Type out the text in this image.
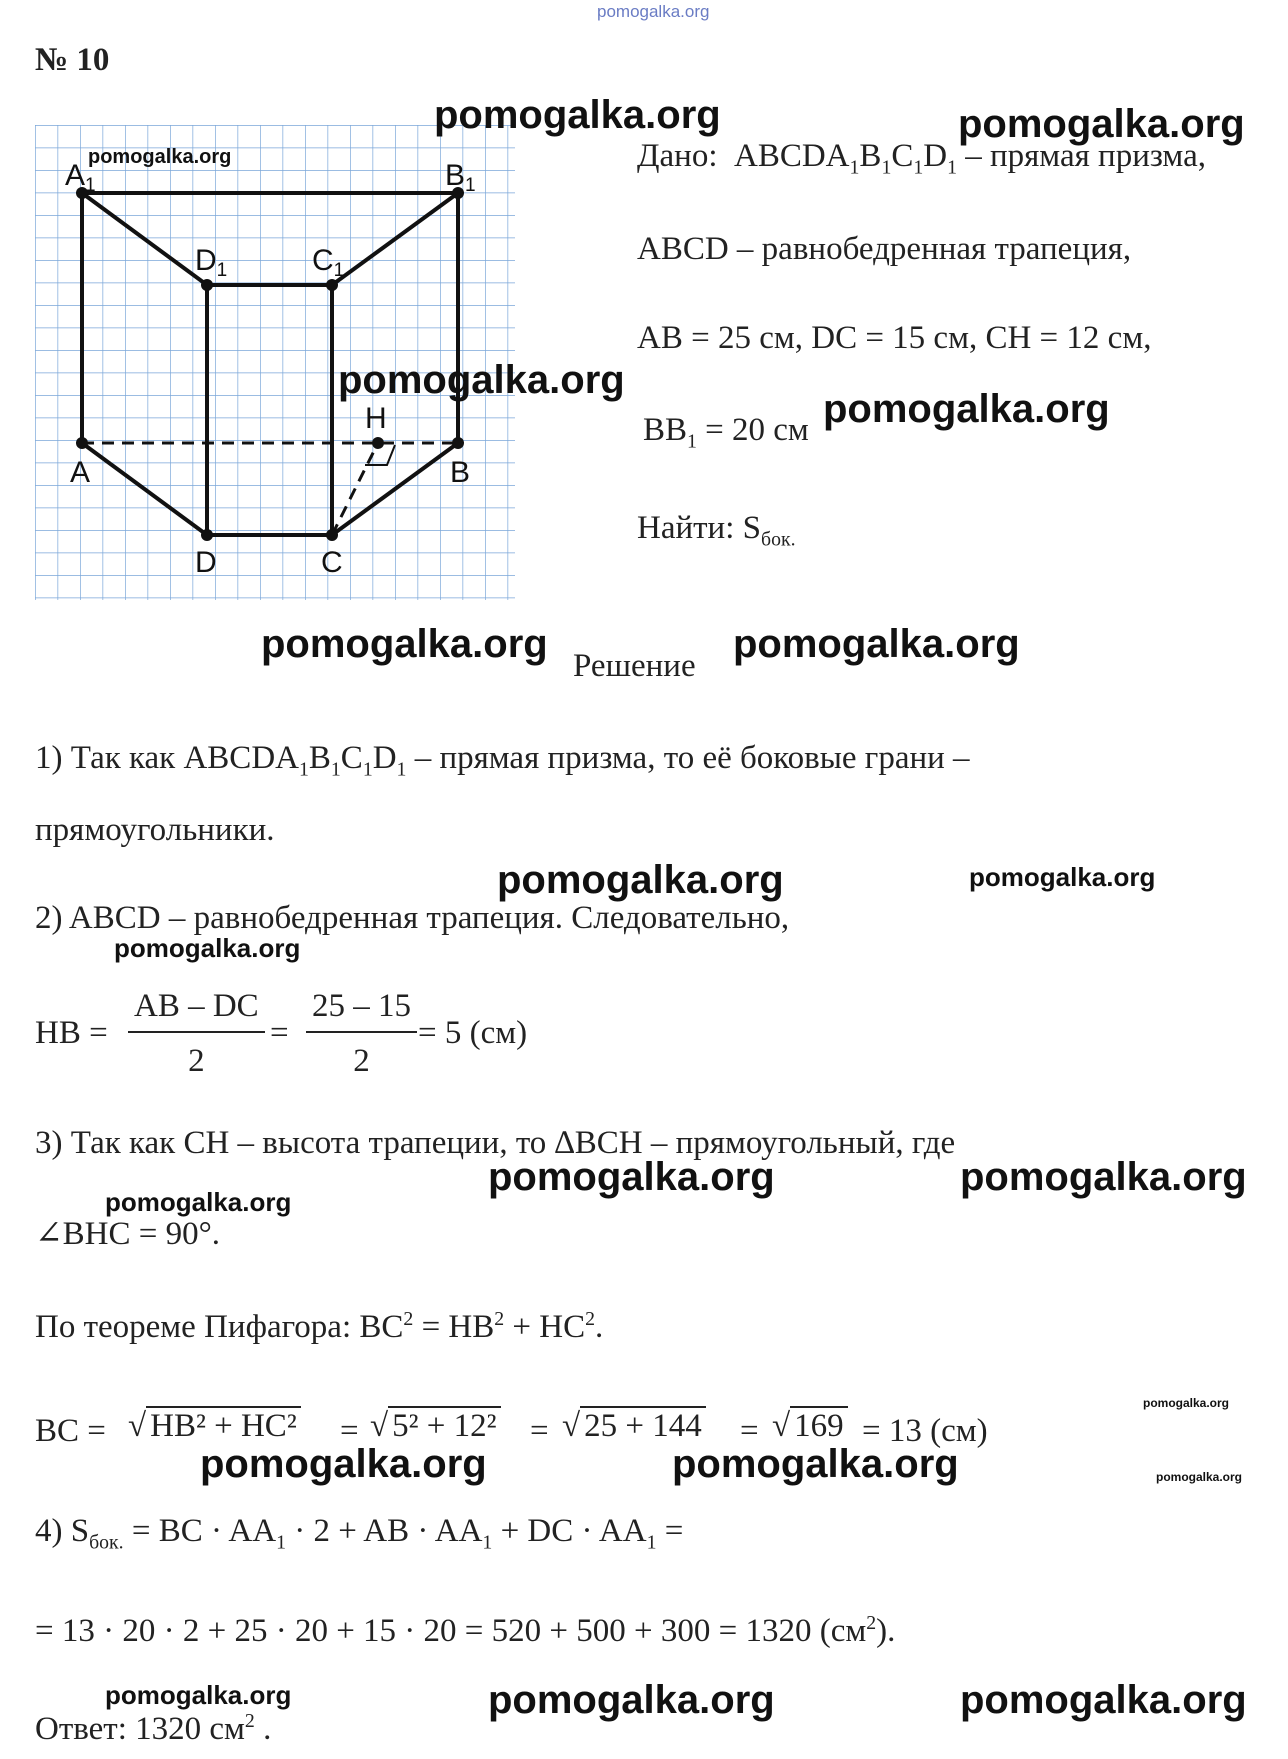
pomogalka.org
№ 10
$A_1$	$B_1$
$D_1$	$C_1$
H
A	B
D	C
Дано: $ABCDA_1B_1C_1D_1$ – прямая призма,
ABCD – равнобедренная трапеция,
AB = 25 см, DC = 15 см, CH = 12 см,
$BB_1 = 20$ см
Найти: $S_{бок.}$
Решение
1) Так как $ABCDA_1B_1C_1D_1$ – прямая призма, то её боковые грани –
прямоугольники.
2) ABCD – равнобедренная трапеция. Следовательно,
HB = $\frac{AB - DC}{2} = \frac{25 - 15}{2} = 5$ (см)
3) Так как CH – высота трапеции, то ∆BCH – прямоугольный, где
∠BHC = 90°.
По теореме Пифагора: $BC^2 = HB^2 + HC^2$.
BC = √ HB² + HC² = √ 5² + 12² = √ 25 + 144 = √ 169 = 13 (см)
4) $S_{бок.}$ = BC · $AA_1 \cdot 2$ + AB · $AA_1$ + DC · $AA_1$ =
= 13 · 20 · 2 + 25 · 20 + 15 · 20 = 520 + 500 + 300 = 1320 $(см^2)$.
Ответ: 1320 $см^2$ .
pomogalka.org	pomogalka.org
pomogalka.org
pomogalka.org
pomogalka.org
pomogalka.org	pomogalka.org
pomogalka.org	pomogalka.org
pomogalka.org
pomogalka.org	pomogalka.org
pomogalka.org
pomogalka.org
pomogalka.org	pomogalka.org	pomogalka.org
pomogalka.org	pomogalka.org	pomogalka.org
